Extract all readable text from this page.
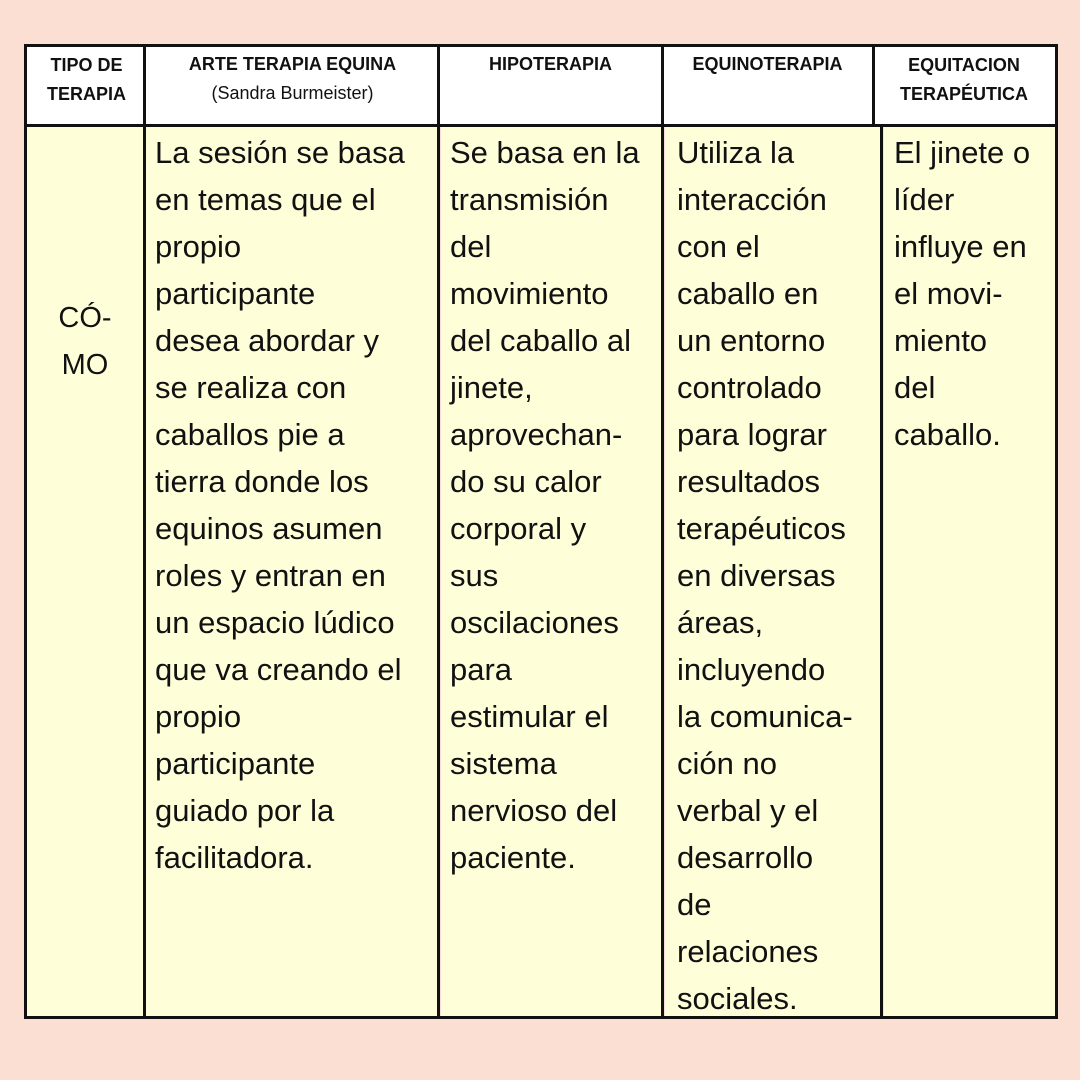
TIPO DE
TERAPIA
ARTE TERAPIA EQUINA
(Sandra Burmeister)
HIPOTERAPIA	EQUINOTERAPIA	EQUITACION
TERAPÉUTICA
CÓ-
MO
La sesión se basa
en temas que el
propio
participante
desea abordar y
se realiza con
caballos pie a
tierra donde los
equinos asumen
roles y entran en
un espacio lúdico
que va creando el
propio
participante
guiado por la
facilitadora.
Se basa en la
transmisión
del
movimiento
del caballo al
jinete,
aprovechan-
do su calor
corporal y
sus
oscilaciones
para
estimular el
sistema
nervioso del
paciente.
Utiliza la
interacción
con el
caballo en
un entorno
controlado
para lograr
resultados
terapéuticos
en diversas
áreas,
incluyendo
la comunica-
ción no
verbal y el
desarrollo
de
relaciones
sociales.
El jinete o
líder
influye en
el movi-
miento
del
caballo.
